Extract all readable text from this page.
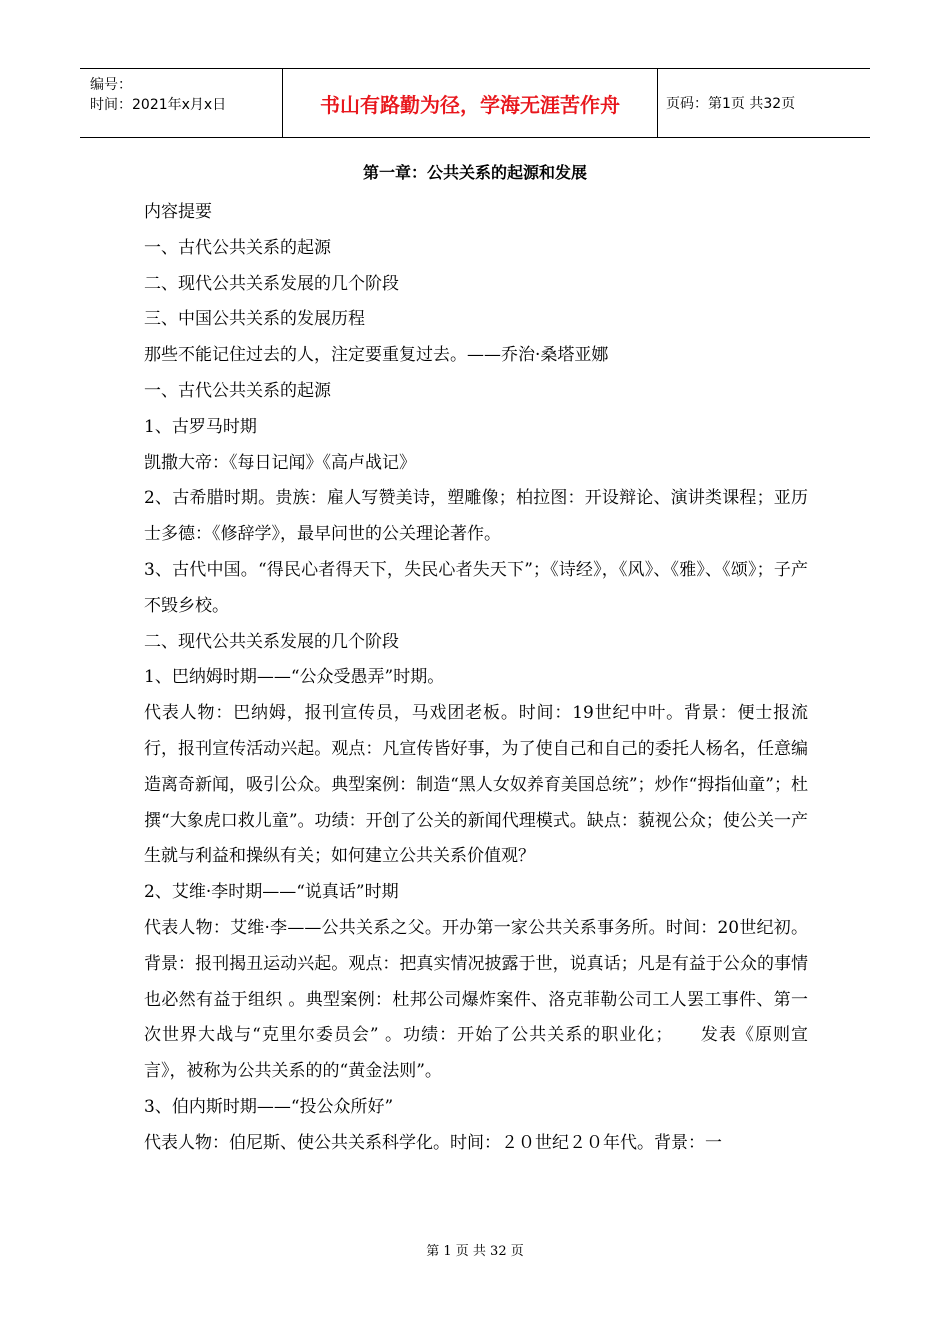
编号：
时间：2021年x月x日	书山有路勤为径，学海无涯苦作舟	页码：第1页 共32页
第一章：公共关系的起源和发展

内容提要

一、古代公共关系的起源

二、现代公共关系发展的几个阶段

三、中国公共关系的发展历程

那些不能记住过去的人，注定要重复过去。——乔治·桑塔亚娜

一、古代公共关系的起源

1、古罗马时期

凯撒大帝：《每日记闻》《高卢战记》

2、古希腊时期。贵族：雇人写赞美诗，塑雕像；柏拉图：开设辩论、演讲类课程；亚历士多德：《修辞学》，最早问世的公关理论著作。

3、古代中国。“得民心者得天下，失民心者失天下”；《诗经》，《风》、《雅》、《颂》；子产不毁乡校。

二、现代公共关系发展的几个阶段

1、巴纳姆时期——“公众受愚弄”时期。

代表人物：巴纳姆，报刊宣传员，马戏团老板。时间：19世纪中叶。背景：便士报流行，报刊宣传活动兴起。观点：凡宣传皆好事，为了使自己和自己的委托人杨名，任意编造离奇新闻，吸引公众。典型案例：制造“黑人女奴养育美国总统”；炒作“拇指仙童”；杜撰“大象虎口救儿童”。功绩：开创了公关的新闻代理模式。缺点：藐视公众；使公关一产生就与利益和操纵有关；如何建立公共关系价值观？

2、艾维·李时期——“说真话”时期

代表人物：艾维·李——公共关系之父。开办第一家公共关系事务所。时间：20世纪初。背景：报刊揭丑运动兴起。观点：把真实情况披露于世，说真话；凡是有益于公众的事情也必然有益于组织 。典型案例：杜邦公司爆炸案件、洛克菲勒公司工人罢工事件、第一次世界大战与“克里尔委员会” 。功绩：开始了公共关系的职业化；　　发表《原则宣言》，被称为公共关系的的“黄金法则”。

3、伯内斯时期——“投公众所好”

代表人物：伯尼斯、使公共关系科学化。时间：２０世纪２０年代。背景：一

第 1 页 共 32 页
